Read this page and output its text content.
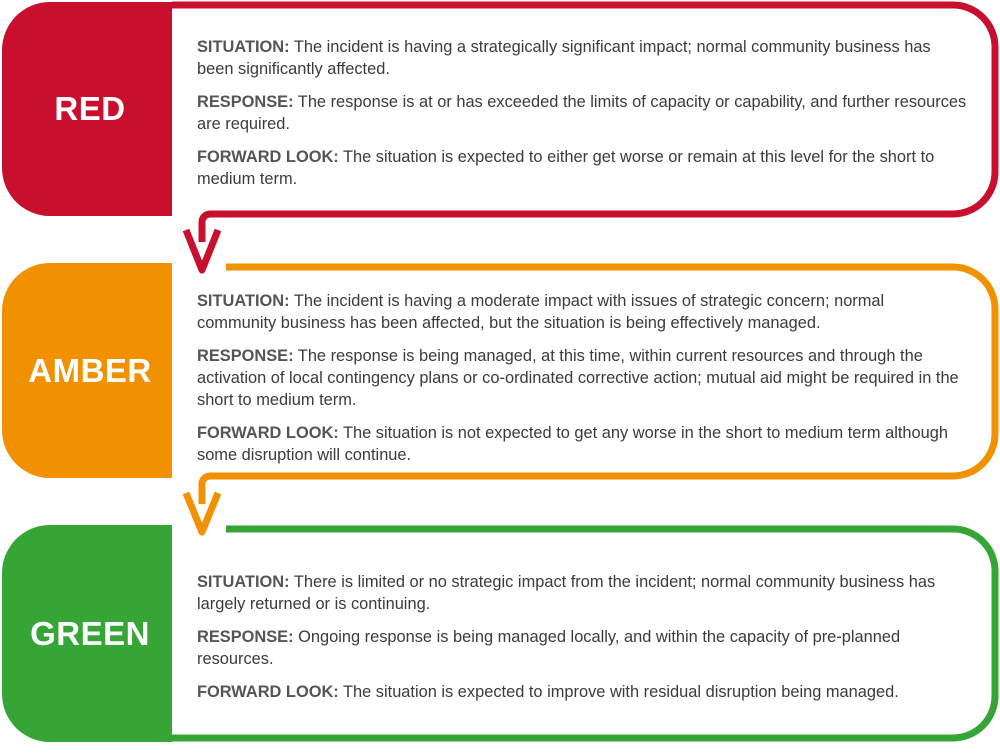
RED
AMBER
GREEN

SITUATION: The incident is having a strategically significant impact; normal community business has been significantly affected.

RESPONSE: The response is at or has exceeded the limits of capacity or capability, and further resources are required.

FORWARD LOOK: The situation is expected to either get worse or remain at this level for the short to medium term.

SITUATION: The incident is having a moderate impact with issues of strategic concern; normal community business has been affected, but the situation is being effectively managed.

RESPONSE: The response is being managed, at this time, within current resources and through the activation of local contingency plans or co-ordinated corrective action; mutual aid might be required in the short to medium term.

FORWARD LOOK: The situation is not expected to get any worse in the short to medium term although some disruption will continue.

SITUATION: There is limited or no strategic impact from the incident; normal community business has largely returned or is continuing.

RESPONSE: Ongoing response is being managed locally, and within the capacity of pre-planned resources.

FORWARD LOOK: The situation is expected to improve with residual disruption being managed.
